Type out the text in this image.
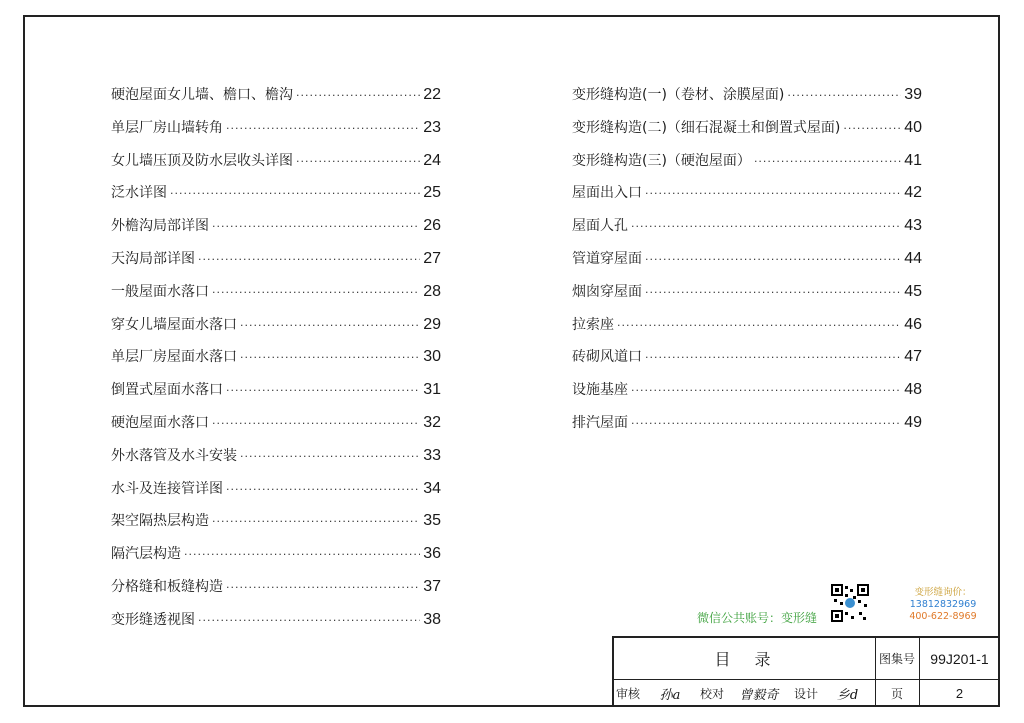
硬泡屋面女儿墙、檐口、檐沟 ·····	22
单层厂房山墙转角 ·····	23
女儿墙压顶及防水层收头详图 ·····	24
泛水详图 ·····	25
外檐沟局部详图 ·····	26
天沟局部详图 ·····	27
一般屋面水落口 ·····	28
穿女儿墙屋面水落口 ·····	29
单层厂房屋面水落口 ·····	30
倒置式屋面水落口 ·····	31
硬泡屋面水落口 ·····	32
外水落管及水斗安装 ·····	33
水斗及连接管详图 ·····	34
架空隔热层构造 ·····	35
隔汽层构造 ·····	36
分格缝和板缝构造 ·····	37
变形缝透视图 ·····	38
变形缝构造(一)（卷材、涂膜屋面) ·····	39
变形缝构造(二)（细石混凝土和倒置式屋面) ·····	40
变形缝构造(三)（硬泡屋面） ·····	41
屋面出入口 ·····	42
屋面人孔 ·····	43
管道穿屋面 ·····	44
烟囱穿屋面 ·····	45
拉索座 ·····	46
砖砌风道口 ·····	47
设施基座 ·····	48
排汽屋面 ·····	49
微信公共账号：变形缝
变形缝询价：
13812832969
400-622-8969
目　录	图集号	99J201-1
审核	孙a	校对	曾毅奇	设计	乡d	页	2
